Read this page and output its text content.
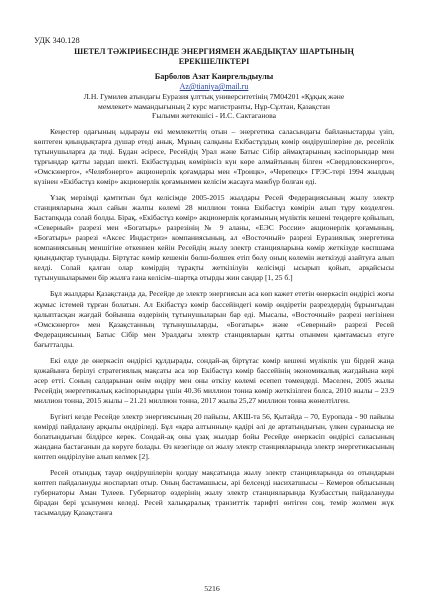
УДК 340.128

ШЕТЕЛ ТӘЖІРИБЕСІНДЕ ЭНЕРГИЯМЕН ЖАБДЫҚТАУ ШАРТЫНЫҢ
ЕРЕКШЕЛІКТЕРІ

Барболов Азат Каиргельдыулы

Az@tianiya@mail.ru

Л.Н. Гумилев атындағы Еуразия ұлттық университетінің 7М04201 «Құқық және
мемлекет» мамандығының 2 курс магистранты, Нұр-Сұлтан, Қазақстан
Ғылыми жетекшісі - И.С. Сактаганова

Кеңестер одағының ыдырауы екі мемлекеттің отын – энергетика саласындағы байланыстарды үзіп, көптеген қиындықтарға душар етеді анық. Мұның салқыны Екібастұздың көмір өндірушілеріне де, ресейлік тұтынушыларға да тиді. Бұдан әсіресе, Ресейдің Урал және Батыс Сібір аймақтарының кәсіпорындар мен тұрғындар қатты зардап шекті. Екібастұздың көмірінсіз күн көре алмайтының білген «Свердловскэнерго», «Омскэнерго», «Челябэнерго» акционерлік қоғамдары мен «Троицк», «Черепецк» ГРЭС-тері 1994 жылдың күзінен «Екібастұз көмір» акционерлік қоғамынмен келісім жасауға мәжбүр болған еді.

Ұзақ мерзімді қамтитын бұл келісімде 2005-2015 жылдары Ресей Федерациясының жылу электр станцияларына жыл сайын жалпы көлемі 28 миллион тонна Екібастұз көмірін алып тұру көзделген. Бастапқыда солай болды. Бірақ, «Екібастұз көмір» акционерлік қоғамының мүліктік кешені тендерге қойылып, «Северный» разрезі мен «Богатырь» разрезінің № 9 аланы, «ЕЭС России» акционерлік қоғамының, «Богатырь» разрезі «Аксес Индастриз» компаниясының, ал «Восточный» разрезі Еуразиялық энергетика компаниясының меншігіне өткеннен кейін Ресейдің жылу электр станцияларына көмір жеткізуде көспшама қиындықтар туындады. Біртұтас көмір кешенін бөлш-бөлшек етіп бөлу оның көлемін жеткізуді азайтуға алып келді. Солай қалған олар көмірдің тұрақты жеткізілуін келісімді ысырып қойып, арқайсысы тұтынушыларымен бір жылға ғана келісім–шартқа отырды жин сандар [1, 25 б.]

Бұл жылдары Қазақстанда да, Ресейде де электр энергиясын аса көп кажет ететін өнеркәсіп өндірісі жоғы жұмыс істемей тұрған болатын. Ал Екібастұз көмір бассейіндегі көмір өндіретін разрездердің бұрынғыдан қалыптасқан жағдай бойынша өздерінің тұтынушыларын бар еді. Мысалы, «Восточный» разрезі негізінен «Омскэнерго» мен Қазақстанның тұтынушыларды, «Богатырь» және «Северный» разрезі Ресей Федерациясының Батыс Сібір мен Уралдағы электр станцияларын қатты отынмен қамтамасыз етуге бағытталды.

Екі елде де өнеркәсіп өндірісі құлдырады, сондай-ақ біртұтас көмір кешені мүлікпік үш бірдей жаңа қожайынға берілуі стратегиялық мақсаты аса зор Екібастұз көмір бассейінің экономикалық жағдайына кері әсер етті. Соның салдарынан өнім өндіру мен оны өткізу көлемі есепеп төмендеді. Мәселен, 2005 жылы Ресейдің энергетикалық кәсіпорындары үшін 40.36 миллион тонна көмір жеткізілген болса, 2010 жылы – 23.9 миллион тонна, 2015 жылы – 21.21 миллион тонна, 2017 жылы 25,27 миллион тонна жөнелтілген.

Бүгінгі кезде Ресейде электр энергиясының 20 пайызы, АКШ-та 56, Қытайда – 70, Еуропада - 90 пайызы көмірді пайдалану арқылы өндіріледі. Бұл «қара алтынның» қадірі әлі де артатындығын, үлкен сұранысқа ие болатындығын білдірсе керек. Сондай-ақ оны ұзақ жылдар бойы Ресейде өнеркәсіп өндірісі саласының жандана бастағанын да көруге болады. Өз кезегінде ол жылу электр станцияларында электр энергетикасының көптеп өндірілуіне алып келмек [2].

Ресей отындық тауар өндірушілерін қолдау мақсатында жылу электр станцияларында өз отындарын көптеп пайдалануды жоспарлап отыр. Оның бастамашысы, әрі белсенді насихатшысы – Кемеров облысының губернаторы Аман Тулеев. Губернатор өздерінің жылу электр станцияларында Кузбасстың пайдалануды бірадан бері ұсынумен келеді. Ресей халықаралық транзиттік тарифті өнтіген соң, темір жолмен жүк тасымалдау Қазақстанға

5216
